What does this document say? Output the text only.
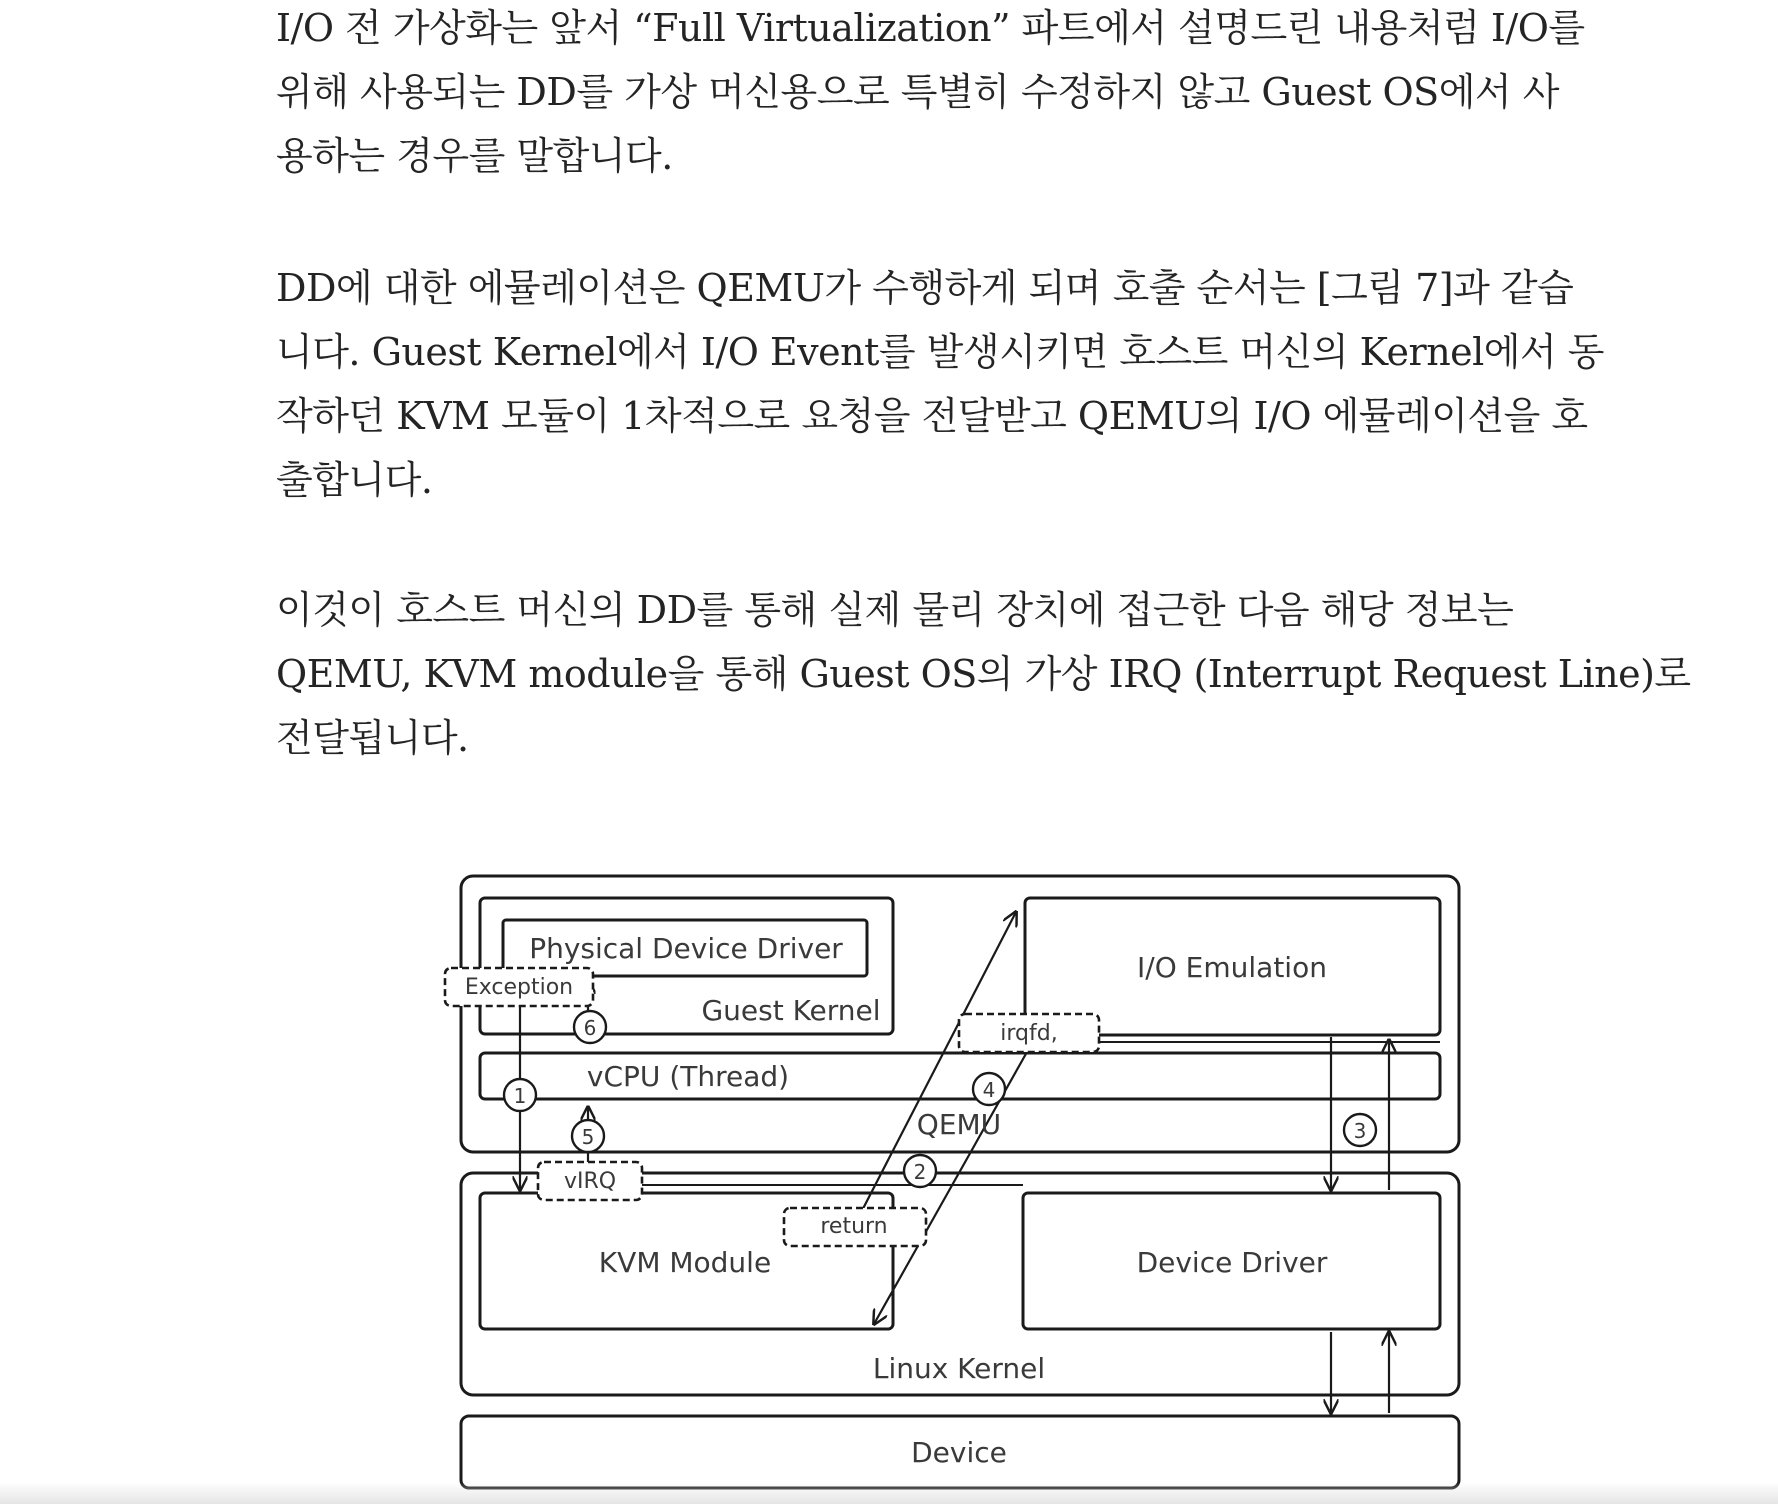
I/O 전 가상화는 앞서 “Full Virtualization” 파트에서 설명드린 내용처럼 I/O를
위해 사용되는 DD를 가상 머신용으로 특별히 수정하지 않고 Guest OS에서 사
용하는 경우를 말합니다.

DD에 대한 에뮬레이션은 QEMU가 수행하게 되며 호출 순서는 [그림 7]과 같습
니다. Guest Kernel에서 I/O Event를 발생시키면 호스트 머신의 Kernel에서 동
작하던 KVM 모듈이 1차적으로 요청을 전달받고 QEMU의 I/O 에뮬레이션을 호
출합니다.

이것이 호스트 머신의 DD를 통해 실제 물리 장치에 접근한 다음 해당 정보는
QEMU, KVM module을 통해 Guest OS의 가상 IRQ (Interrupt Request Line)로
전달됩니다.

Exception
vIRQ
return
irqfd,
Physical Device Driver
Guest Kernel
I/O Emulation
vCPU (Thread)
QEMU
KVM Module	Device Driver
Linux Kernel
Device
1
2
3
4
5
6
